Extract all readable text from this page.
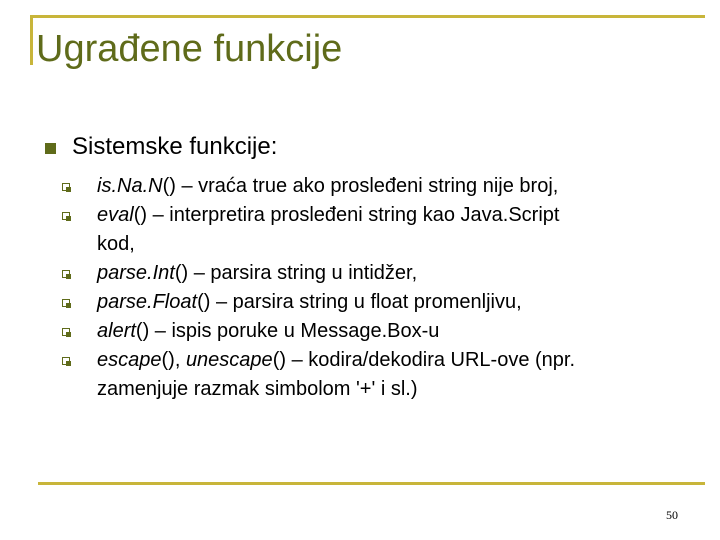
Ugrađene funkcije
Sistemske funkcije:
is.Na.N() – vraća true ako prosleđeni string nije broj,
eval() – interpretira prosleđeni string kao Java.Script
kod,
parse.Int() – parsira string u intidžer,
parse.Float() – parsira string u float promenljivu,
alert() – ispis poruke u Message.Box-u
escape(), unescape() – kodira/dekodira URL-ove (npr.
zamenjuje razmak simbolom '+' i sl.)
50
